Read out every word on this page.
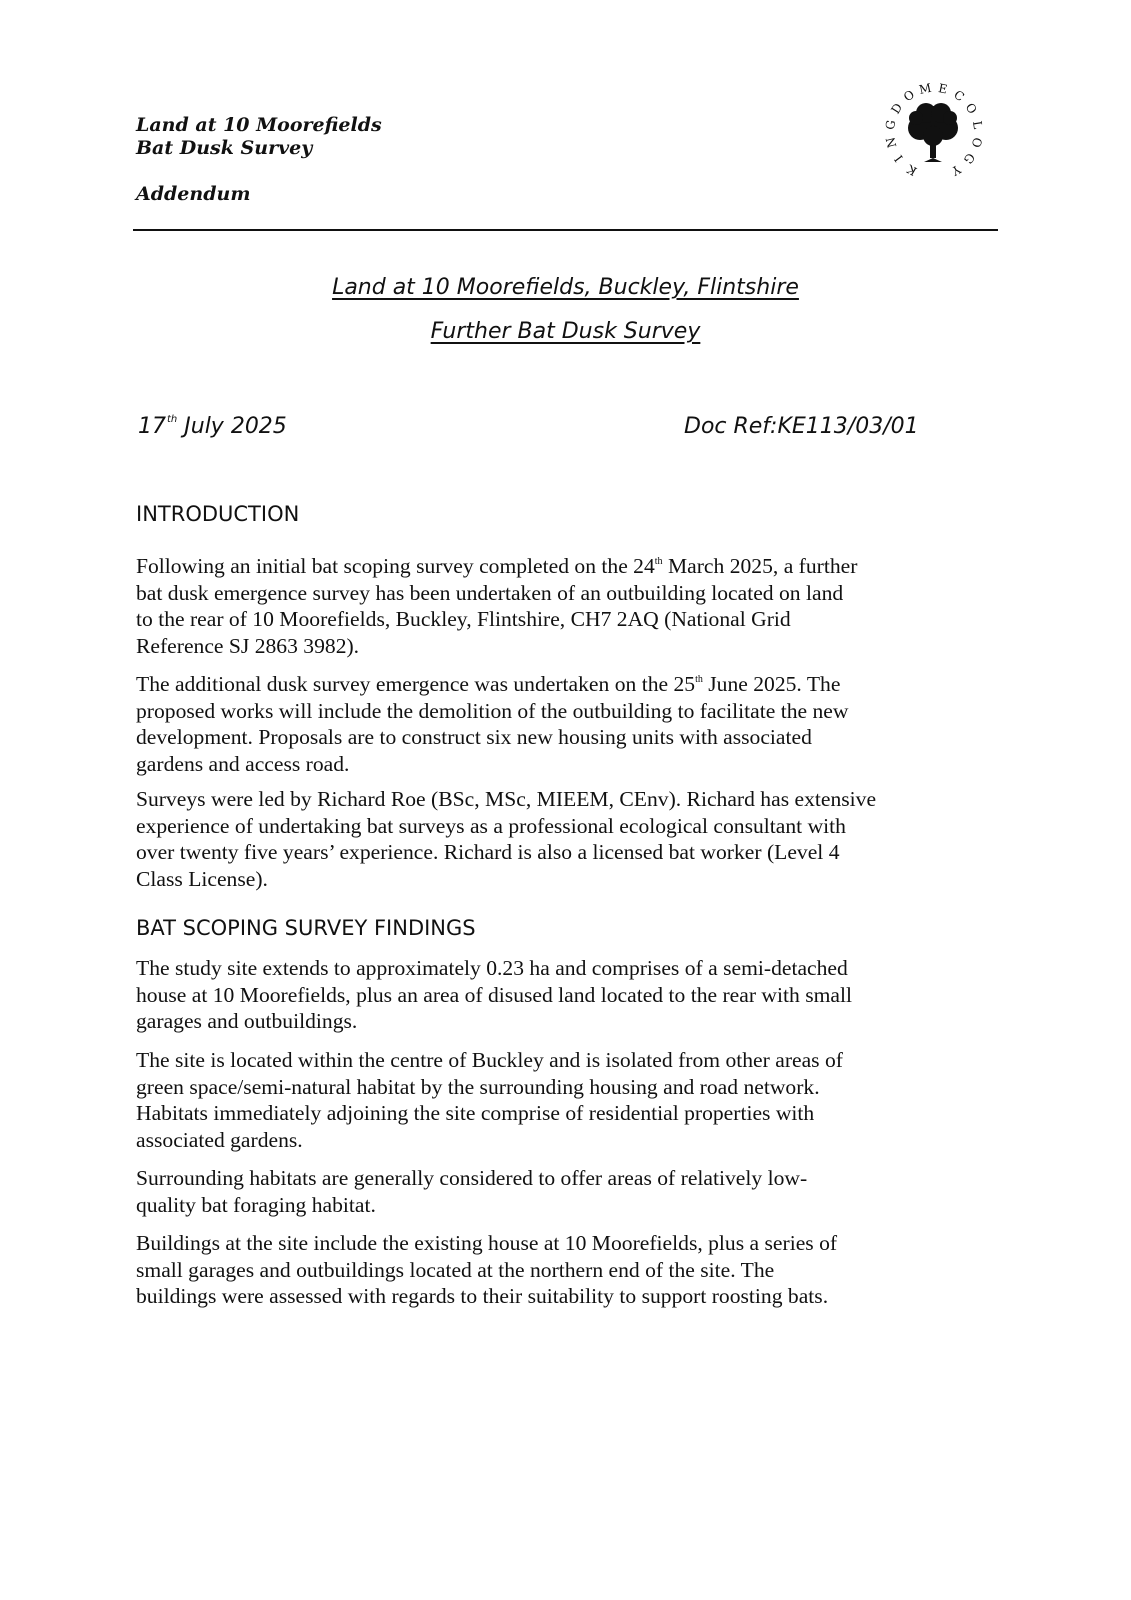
Land at 10 Moorefields
Bat Dusk Survey
Addendum
K
I
N
G
D
O M E C
O
L
O
G
Y
Land at 10 Moorefields, Buckley, Flintshire
Further Bat Dusk Survey
17th July 2025	Doc Ref:KE113/03/01
INTRODUCTION
Following an initial bat scoping survey completed on the 24th March 2025, a further
bat dusk emergence survey has been undertaken of an outbuilding located on land
to the rear of 10 Moorefields, Buckley, Flintshire, CH7 2AQ (National Grid
Reference SJ 2863 3982).
The additional dusk survey emergence was undertaken on the 25th June 2025. The
proposed works will include the demolition of the outbuilding to facilitate the new
development. Proposals are to construct six new housing units with associated
gardens and access road.
Surveys were led by Richard Roe (BSc, MSc, MIEEM, CEnv). Richard has extensive
experience of undertaking bat surveys as a professional ecological consultant with
over twenty five years’ experience. Richard is also a licensed bat worker (Level 4
Class License).
BAT SCOPING SURVEY FINDINGS
The study site extends to approximately 0.23 ha and comprises of a semi-detached
house at 10 Moorefields, plus an area of disused land located to the rear with small
garages and outbuildings.
The site is located within the centre of Buckley and is isolated from other areas of
green space/semi-natural habitat by the surrounding housing and road network.
Habitats immediately adjoining the site comprise of residential properties with
associated gardens.
Surrounding habitats are generally considered to offer areas of relatively low-
quality bat foraging habitat.
Buildings at the site include the existing house at 10 Moorefields, plus a series of
small garages and outbuildings located at the northern end of the site. The
buildings were assessed with regards to their suitability to support roosting bats.
